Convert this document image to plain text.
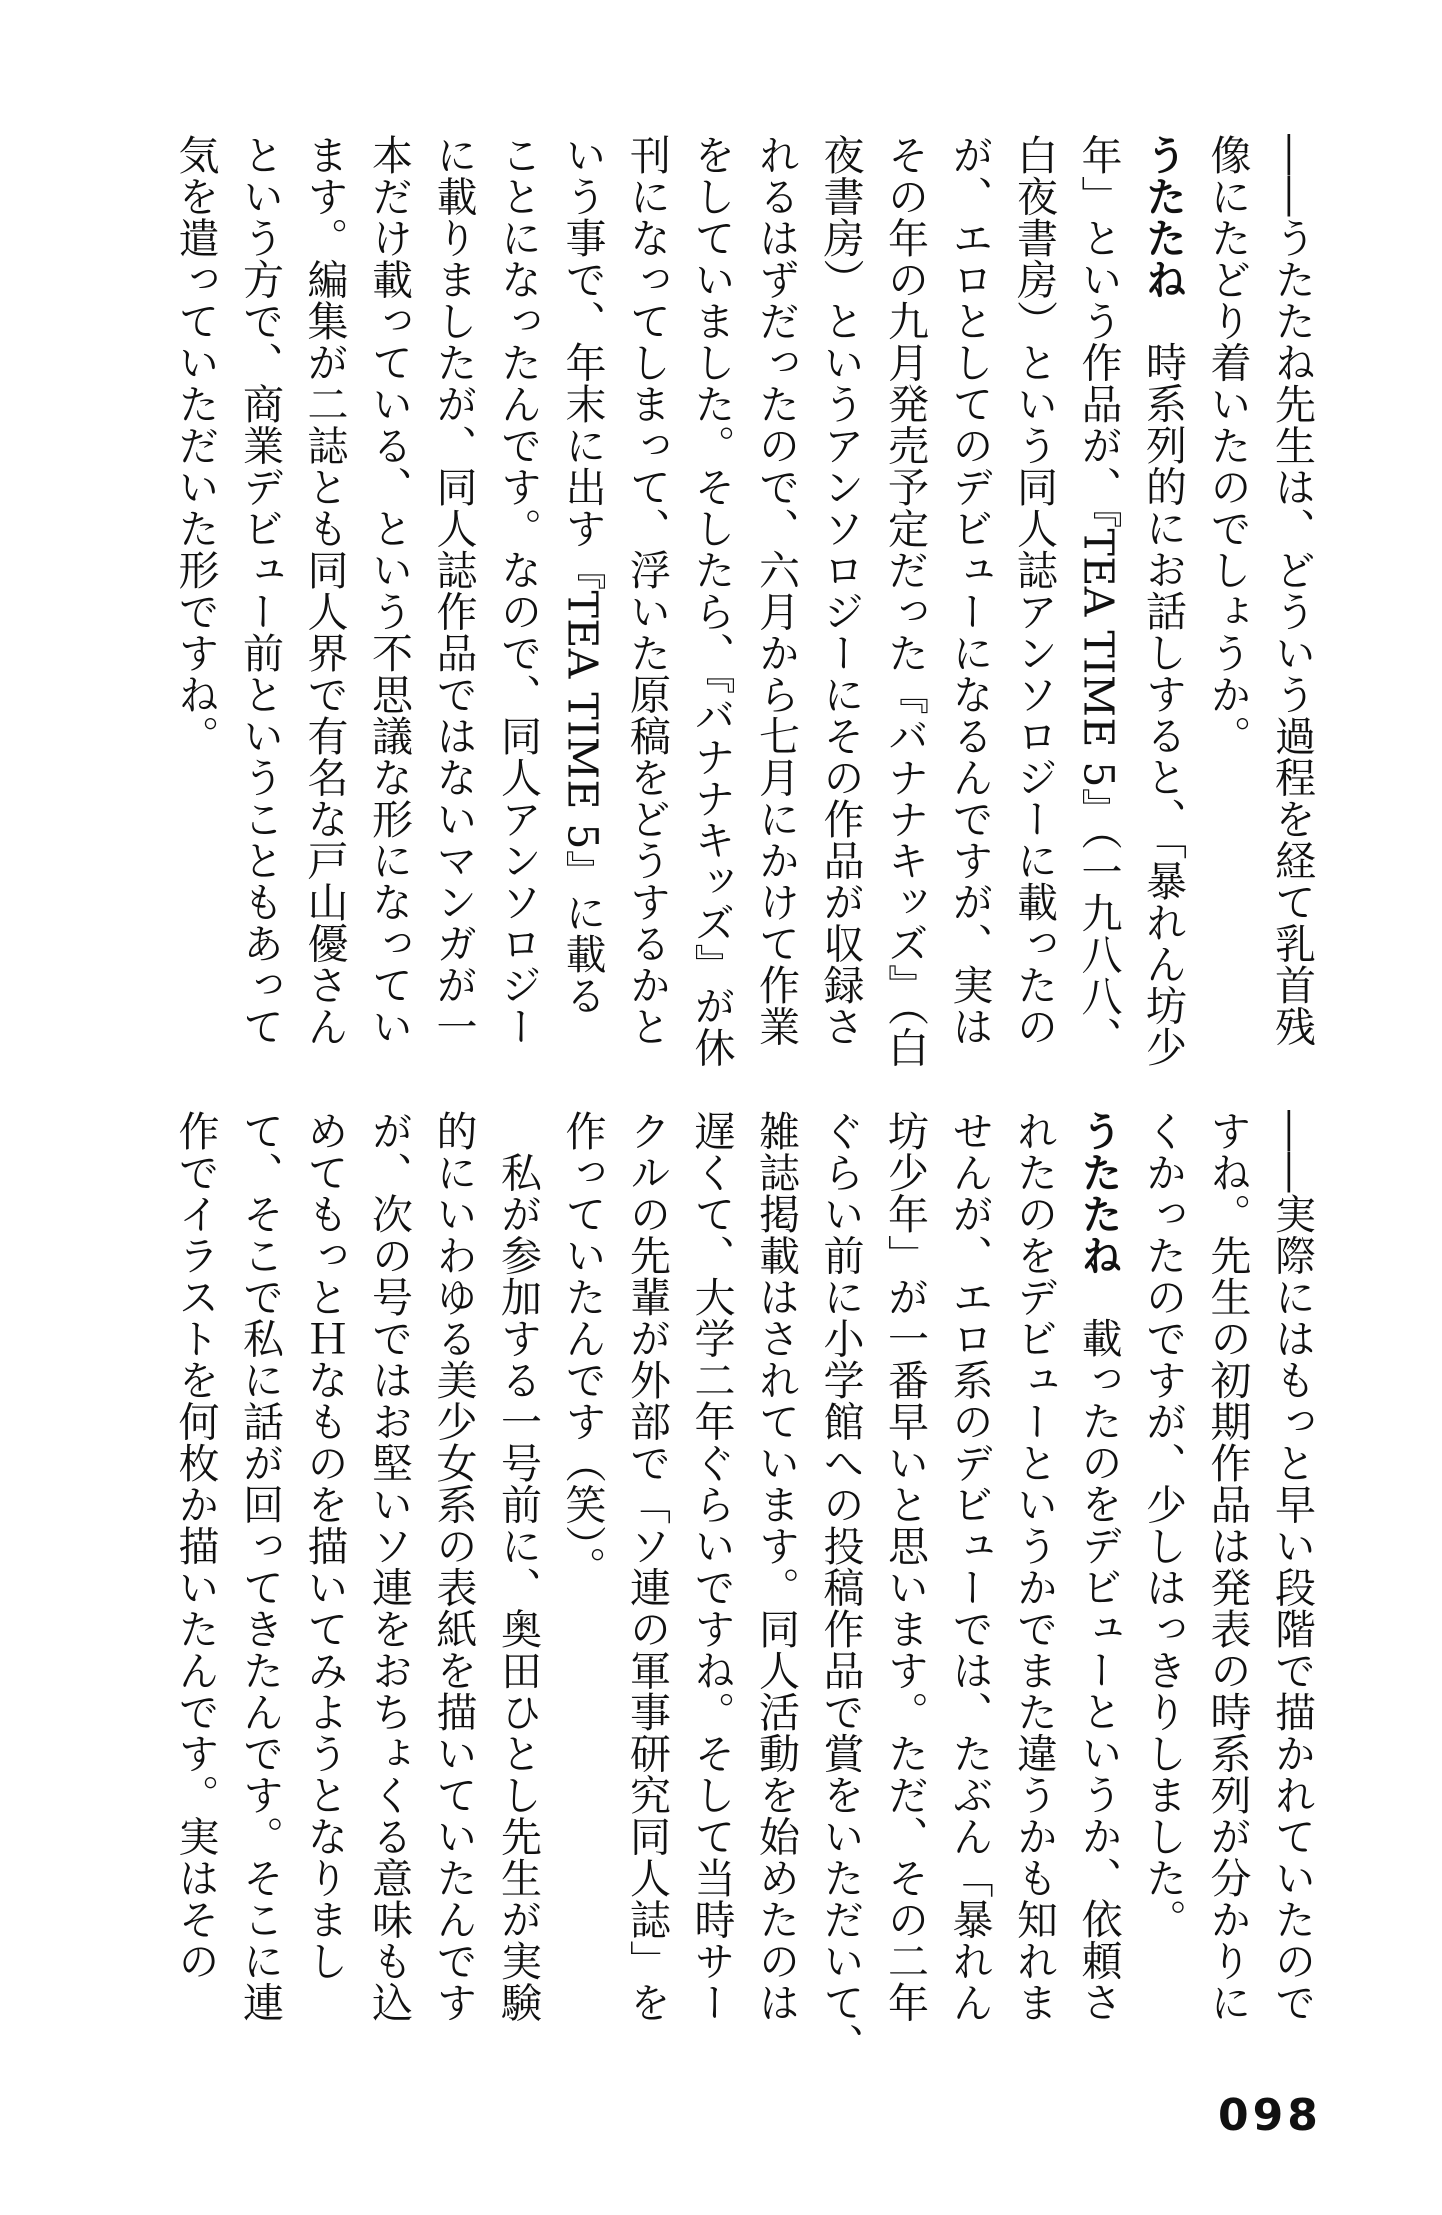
――うたたね先生は、どういう過程を経て乳首残
像にたどり着いたのでしょうか。
うたたね時系列的にお話しすると、「暴れん坊少
年」という作品が、『TEA TIME 5』（一九八八、
白夜書房）という同人誌アンソロジーに載ったの
が、エロとしてのデビューになるんですが、実は
その年の九月発売予定だった『バナナキッズ』（白
夜書房）というアンソロジーにその作品が収録さ
れるはずだったので、六月から七月にかけて作業
をしていました。そしたら、『バナナキッズ』が休
刊になってしまって、浮いた原稿をどうするかと
いう事で、年末に出す『TEA TIME 5』に載る
ことになったんです。なので、同人アンソロジー
に載りましたが、同人誌作品ではないマンガが一
本だけ載っている、という不思議な形になってい
ます。編集が二誌とも同人界で有名な戸山優さん
という方で、商業デビュー前ということもあって
気を遣っていただいた形ですね。
――実際にはもっと早い段階で描かれていたので
すね。先生の初期作品は発表の時系列が分かりに
くかったのですが、少しはっきりしました。
うたたね載ったのをデビューというか、依頼さ
れたのをデビューというかでまた違うかも知れま
せんが、エロ系のデビューでは、たぶん「暴れん
坊少年」が一番早いと思います。ただ、その二年
ぐらい前に小学館への投稿作品で賞をいただいて、
雑誌掲載はされています。同人活動を始めたのは
遅くて、大学二年ぐらいですね。そして当時サー
クルの先輩が外部で「ソ連の軍事研究同人誌」を
作っていたんです（笑）。
　私が参加する一号前に、奥田ひとし先生が実験
的にいわゆる美少女系の表紙を描いていたんです
が、次の号ではお堅いソ連をおちょくる意味も込
めてもっとＨなものを描いてみようとなりまし
て、そこで私に話が回ってきたんです。そこに連
作でイラストを何枚か描いたんです。実はその
098
